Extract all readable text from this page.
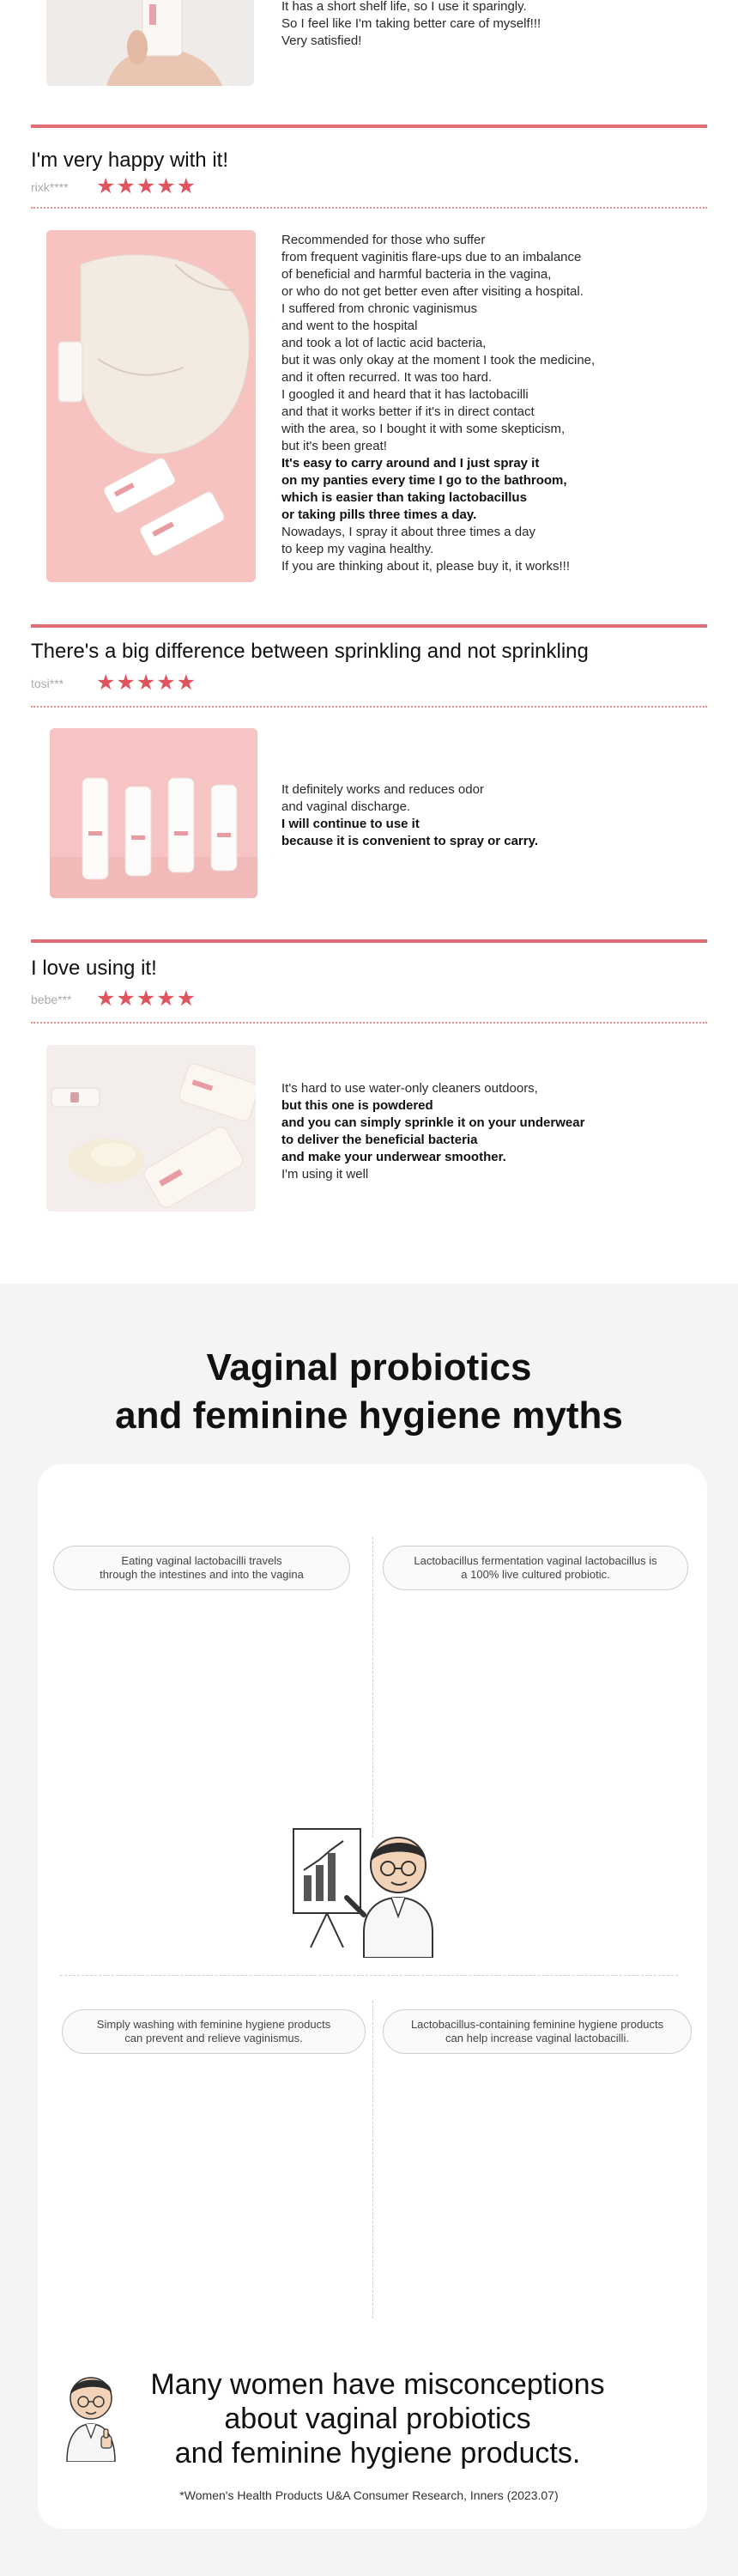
It has a short shelf life, so I use it sparingly.
So I feel like I'm taking better care of myself!!!
Very satisfied!
I'm very happy with it!
rixk**** ★★★★★
Recommended for those who suffer
from frequent vaginitis flare-ups due to an imbalance
of beneficial and harmful bacteria in the vagina,
or who do not get better even after visiting a hospital.
I suffered from chronic vaginismus
and went to the hospital
and took a lot of lactic acid bacteria,
but it was only okay at the moment I took the medicine,
and it often recurred. It was too hard.
I googled it and heard that it has lactobacilli
and that it works better if it's in direct contact
with the area, so I bought it with some skepticism,
but it's been great!
It's easy to carry around and I just spray it
on my panties every time I go to the bathroom,
which is easier than taking lactobacillus
or taking pills three times a day.
Nowadays, I spray it about three times a day
to keep my vagina healthy.
If you are thinking about it, please buy it, it works!!!
There's a big difference between sprinkling and not sprinkling
tosi*** ★★★★★
It definitely works and reduces odor
and vaginal discharge.
I will continue to use it
because it is convenient to spray or carry.
I love using it!
bebe*** ★★★★★
It's hard to use water-only cleaners outdoors,
but this one is powdered
and you can simply sprinkle it on your underwear
to deliver the beneficial bacteria
and make your underwear smoother.
I'm using it well
Vaginal probiotics
and feminine hygiene myths
Eating vaginal lactobacilli travels
through the intestines and into the vagina
Lactobacillus fermentation vaginal lactobacillus is
a 100% live cultured probiotic.
Simply washing with feminine hygiene products
can prevent and relieve vaginismus.
Lactobacillus-containing feminine hygiene products
can help increase vaginal lactobacilli.
Yes
52.6
Normally
32.2
No
15.2
Yes
50.2
Normally
37.8
No
12.0
Yes
51.8
Normally
31.0
No
17.2
Yes
61.4
Normally
30.2
No
8.4
Many women have misconceptions
about vaginal probiotics
and feminine hygiene products.
*Women's Health Products U&A Consumer Research, Inners (2023.07)
